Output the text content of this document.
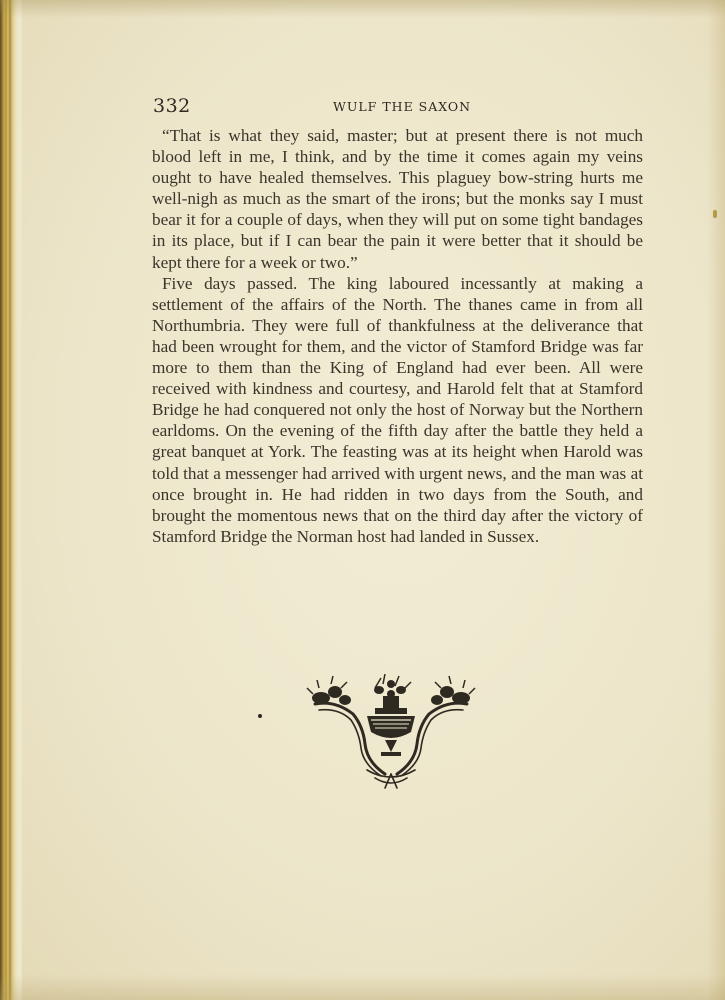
332	WULF THE SAXON

“That is what they said, master; but at present there is not much blood left in me, I think, and by the time it comes again my veins ought to have healed themselves. This plaguey bow-string hurts me well-nigh as much as the smart of the irons; but the monks say I must bear it for a couple of days, when they will put on some tight bandages in its place, but if I can bear the pain it were better that it should be kept there for a week or two.”

Five days passed. The king laboured incessantly at making a settlement of the affairs of the North. The thanes came in from all Northumbria. They were full of thankfulness at the deliverance that had been wrought for them, and the victor of Stamford Bridge was far more to them than the King of England had ever been. All were received with kindness and courtesy, and Harold felt that at Stamford Bridge he had conquered not only the host of Norway but the Northern earldoms. On the evening of the fifth day after the battle they held a great banquet at York. The feasting was at its height when Harold was told that a messenger had arrived with urgent news, and the man was at once brought in. He had ridden in two days from the South, and brought the momentous news that on the third day after the victory of Stamford Bridge the Norman host had landed in Sussex.
